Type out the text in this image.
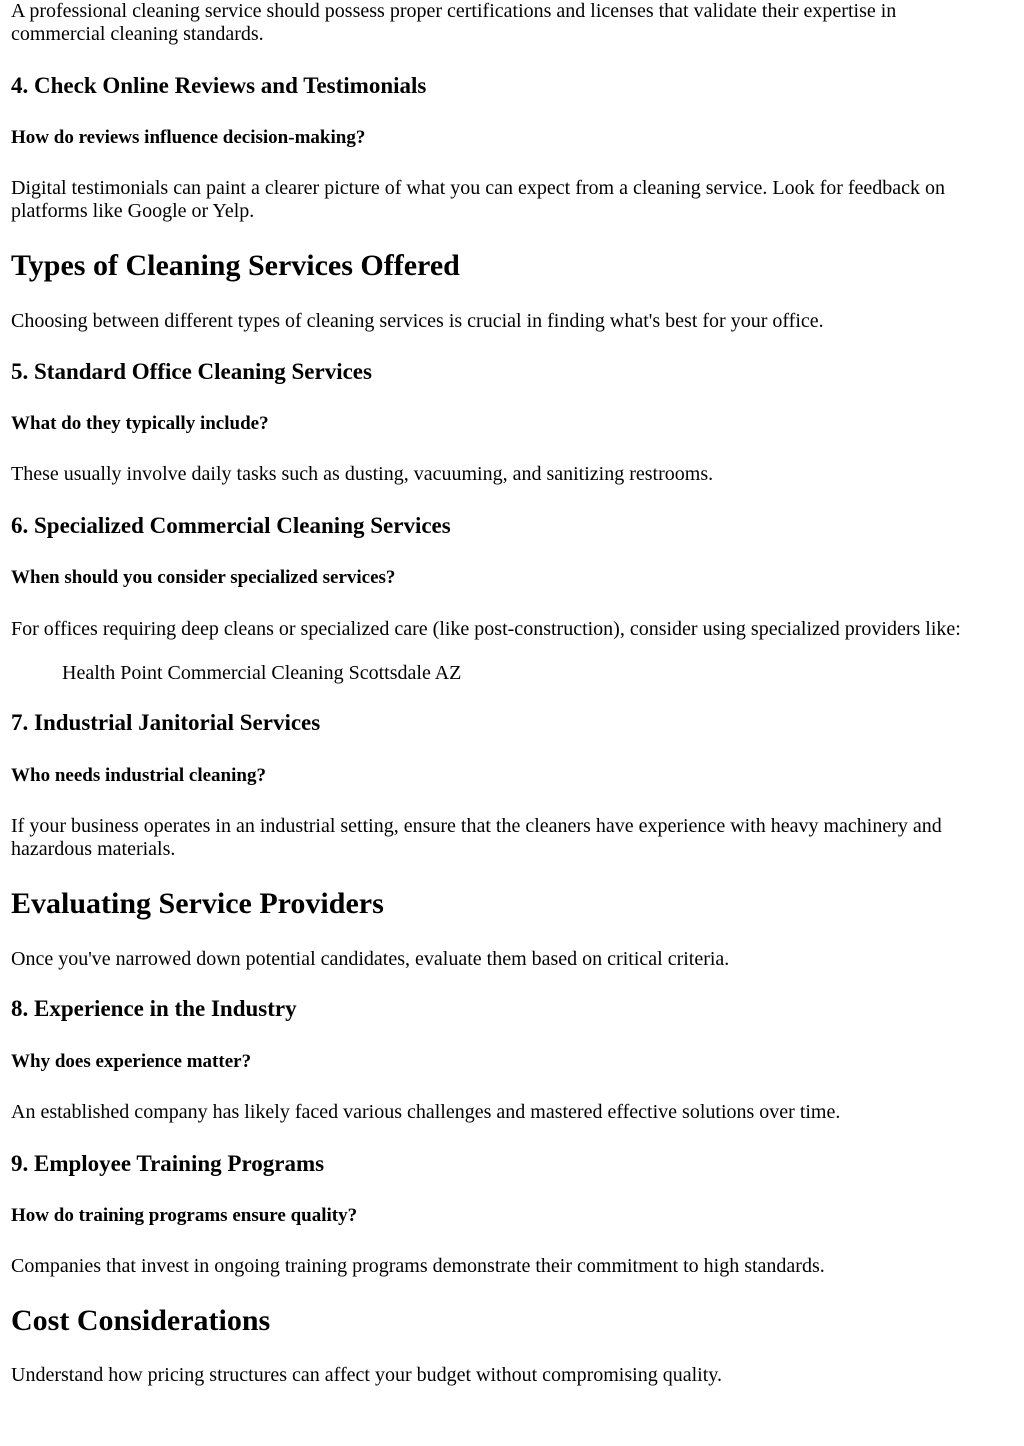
A professional cleaning service should possess proper certifications and licenses that validate their expertise in commercial cleaning standards.

4. Check Online Reviews and Testimonials
How do reviews influence decision-making?

Digital testimonials can paint a clearer picture of what you can expect from a cleaning service. Look for feedback on platforms like Google or Yelp.

Types of Cleaning Services Offered

Choosing between different types of cleaning services is crucial in finding what's best for your office.

5. Standard Office Cleaning Services
What do they typically include?

These usually involve daily tasks such as dusting, vacuuming, and sanitizing restrooms.

6. Specialized Commercial Cleaning Services
When should you consider specialized services?

For offices requiring deep cleans or specialized care (like post-construction), consider using specialized providers like:

Health Point Commercial Cleaning Scottsdale AZ

7. Industrial Janitorial Services
Who needs industrial cleaning?

If your business operates in an industrial setting, ensure that the cleaners have experience with heavy machinery and hazardous materials.

Evaluating Service Providers

Once you've narrowed down potential candidates, evaluate them based on critical criteria.

8. Experience in the Industry
Why does experience matter?

An established company has likely faced various challenges and mastered effective solutions over time.

9. Employee Training Programs
How do training programs ensure quality?

Companies that invest in ongoing training programs demonstrate their commitment to high standards.

Cost Considerations

Understand how pricing structures can affect your budget without compromising quality.
